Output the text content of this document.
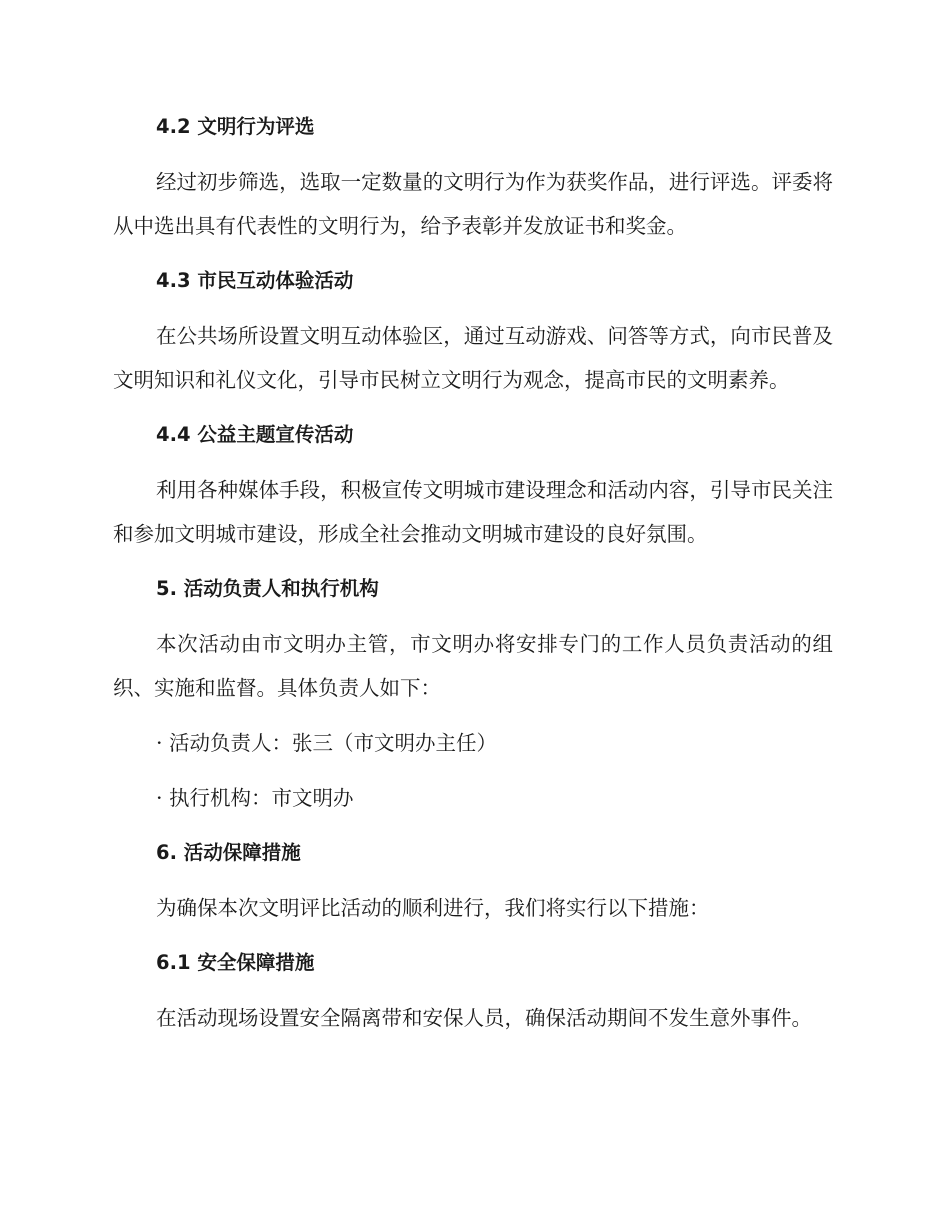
4.2 文明行为评选
经过初步筛选，选取一定数量的文明行为作为获奖作品，进行评选。评委将从中选出具有代表性的文明行为，给予表彰并发放证书和奖金。
4.3 市民互动体验活动
在公共场所设置文明互动体验区，通过互动游戏、问答等方式，向市民普及文明知识和礼仪文化，引导市民树立文明行为观念，提高市民的文明素养。
4.4 公益主题宣传活动
利用各种媒体手段，积极宣传文明城市建设理念和活动内容，引导市民关注和参加文明城市建设，形成全社会推动文明城市建设的良好氛围。
5. 活动负责人和执行机构
本次活动由市文明办主管，市文明办将安排专门的工作人员负责活动的组织、实施和监督。具体负责人如下：
· 活动负责人：张三（市文明办主任）
· 执行机构：市文明办
6. 活动保障措施
为确保本次文明评比活动的顺利进行，我们将实行以下措施：
6.1 安全保障措施
在活动现场设置安全隔离带和安保人员，确保活动期间不发生意外事件。
